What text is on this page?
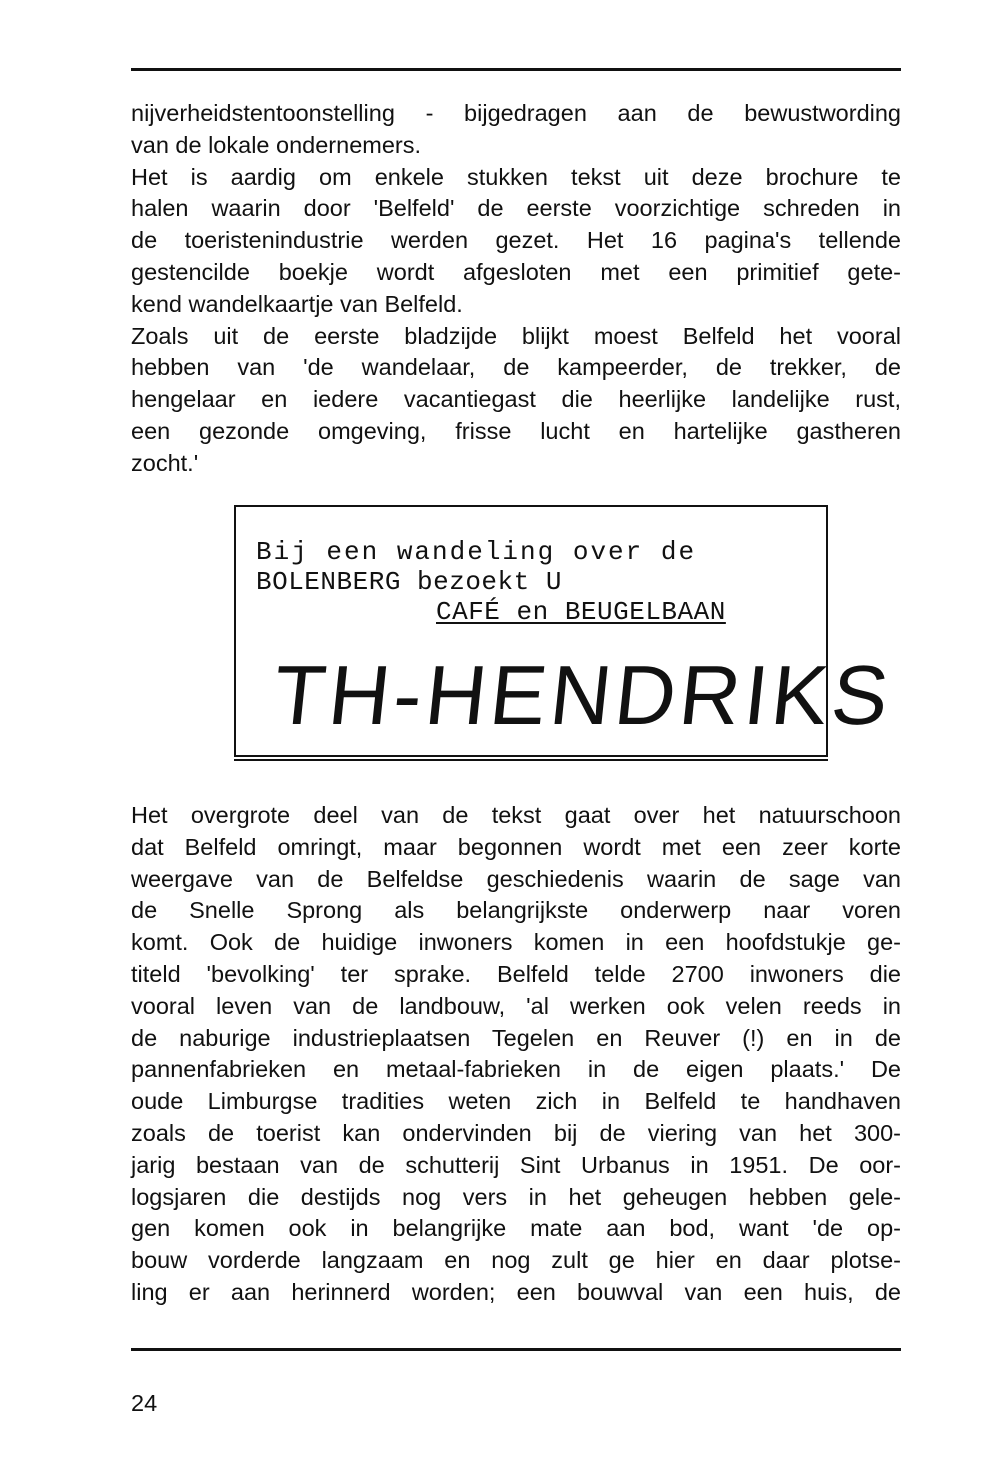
nijverheidstentoonstelling - bijgedragen aan de bewustwording
van de lokale ondernemers.
Het is aardig om enkele stukken tekst uit deze brochure te
halen waarin door 'Belfeld' de eerste voorzichtige schreden in
de toeristenindustrie werden gezet. Het 16 pagina's tellende
gestencilde boekje wordt afgesloten met een primitief gete-
kend wandelkaartje van Belfeld.
Zoals uit de eerste bladzijde blijkt moest Belfeld het vooral
hebben van 'de wandelaar, de kampeerder, de trekker, de
hengelaar en iedere vacantiegast die heerlijke landelijke rust,
een gezonde omgeving, frisse lucht en hartelijke gastheren
zocht.'
Bij een wandeling over de
BOLENBERG bezoekt U
CAFÉ en BEUGELBAAN
TH-HENDRIKS
Het overgrote deel van de tekst gaat over het natuurschoon
dat Belfeld omringt, maar begonnen wordt met een zeer korte
weergave van de Belfeldse geschiedenis waarin de sage van
de Snelle Sprong als belangrijkste onderwerp naar voren
komt. Ook de huidige inwoners komen in een hoofdstukje ge-
titeld 'bevolking' ter sprake. Belfeld telde 2700 inwoners die
vooral leven van de landbouw, 'al werken ook velen reeds in
de naburige industrieplaatsen Tegelen en Reuver (!) en in de
pannenfabrieken en metaal-fabrieken in de eigen plaats.' De
oude Limburgse tradities weten zich in Belfeld te handhaven
zoals de toerist kan ondervinden bij de viering van het 300-
jarig bestaan van de schutterij Sint Urbanus in 1951. De oor-
logsjaren die destijds nog vers in het geheugen hebben gele-
gen komen ook in belangrijke mate aan bod, want 'de op-
bouw vorderde langzaam en nog zult ge hier en daar plotse-
ling er aan herinnerd worden; een bouwval van een huis, de
24
